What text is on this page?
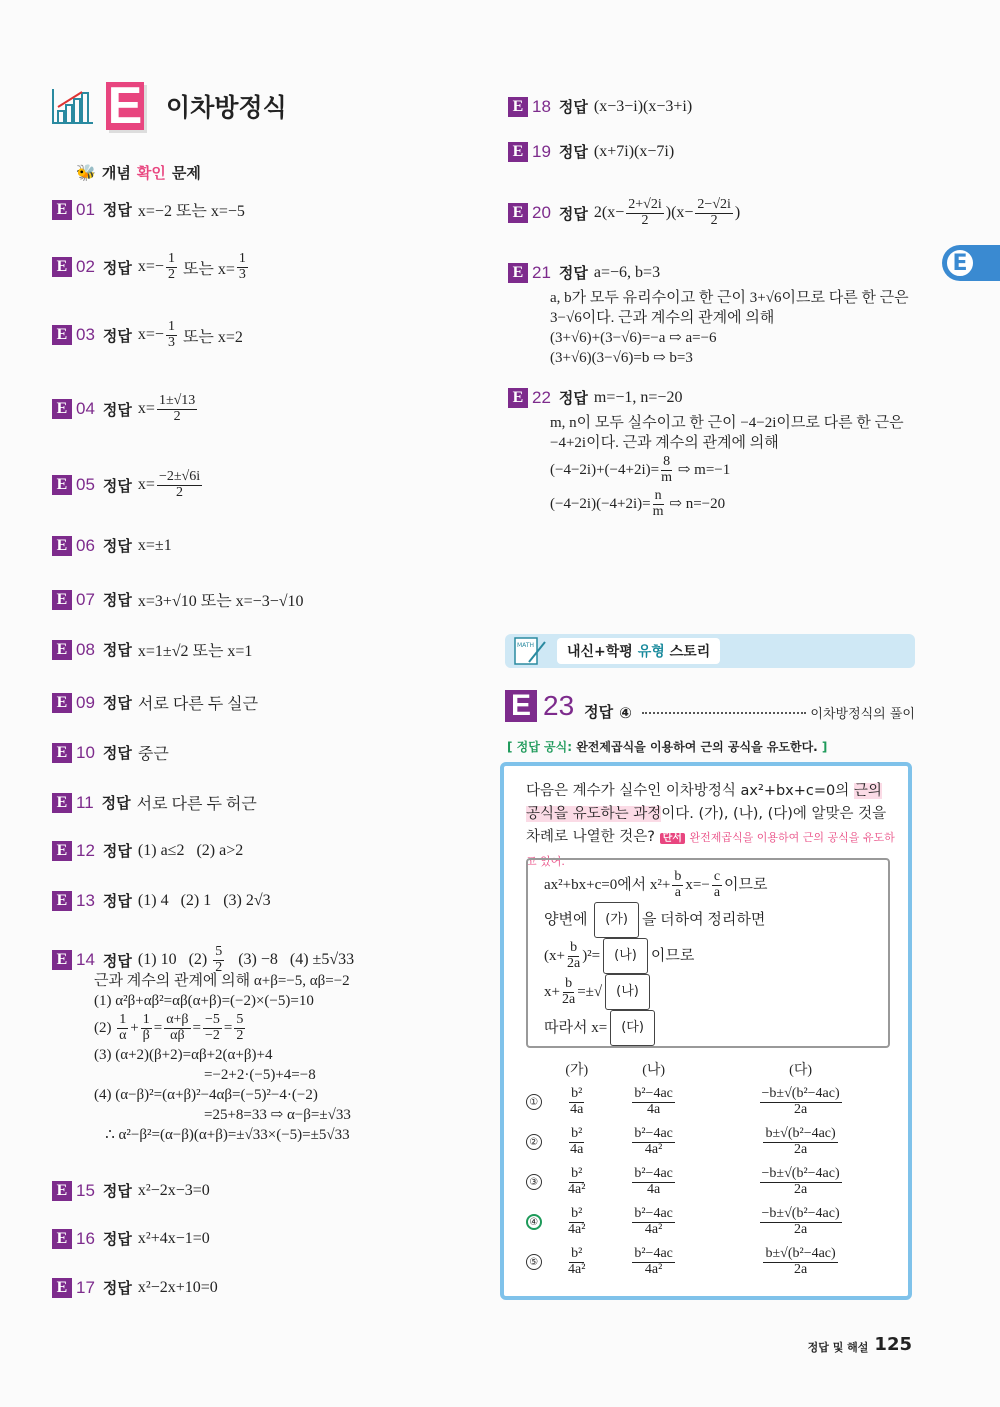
E 이차방정식
🐝 개념 확인 문제
E
MATH	내신+학평 유형 스토리
E 23 정답 ④	이차방정식의 풀이
[ 정답 공식: 완전제곱식을 이용하여 근의 공식을 유도한다. ]
다음은 계수가 실수인 이차방정식 ax²+bx+c=0의 근의 공식을 유도하는 과정이다. (가), (나), (다)에 알맞은 것을 차례로 나열한 것은? 단서 완전제곱식을 이용하여 근의 공식을 유도하고 있어.
ax²+bx+c=0에서 $x^2+ \frac{b}{a} x=- \frac{c}{a}$ 이므로
양변에	(가) 을 더하여 정리하면
$(x+ \frac{b}{2a} )^2=$	(나) 이므로
$x+ \frac{b}{2a}$ =±√	(나)
따라서 x=	(다)
	(가)	(나)	(다)
①	$\frac{\text{b²}}{4a}$	$\frac{\text{b²−4ac}}{4a}$	$\frac{\text{−b±√(b²−4ac)}}{2a}$

②	$\frac{\text{b²}}{4a}$	$\frac{\text{b²−4ac}}{\text{4a²}}$	$\frac{\text{b±√(b²−4ac)}}{2a}$

③	$\frac{\text{b²}}{\text{4a²}}$	$\frac{\text{b²−4ac}}{4a}$	$\frac{\text{−b±√(b²−4ac)}}{2a}$

④	$\frac{\text{b²}}{\text{4a²}}$	$\frac{\text{b²−4ac}}{\text{4a²}}$	$\frac{\text{−b±√(b²−4ac)}}{2a}$

⑤	$\frac{\text{b²}}{\text{4a²}}$	$\frac{\text{b²−4ac}}{\text{4a²}}$	$\frac{\text{b±√(b²−4ac)}}{2a}$
정답 및 해설 125
E 01 정답 x=−2 또는 x=−5
E 02 정답 $x=- \frac{1}{2}$ 또는 $x= \frac{1}{3}$
E 03 정답 $x=- \frac{1}{3}$ 또는 x=2
E 04 정답 $x= \frac{1\pm√13}{2}$
E 05 정답 $x= \frac{-2\pm√6i}{2}$
E 06 정답 x=±1
E 07 정답 x=3+√10 또는 x=−3−√10
E 08 정답 x=1±√2 또는 x=1
E 09 정답 서로 다른 두 실근
E 10 정답 중근
E 11 정답 서로 다른 두 허근
E 12 정답 (1) a≤2   (2) a>2
E 13 정답 (1) 4   (2) 1   (3) 2√3
E 14 정답 (1) 10   $(2) \frac{5}{2} (3) -8$   (4) ±5√33
근과 계수의 관계에 의해 α+β=−5, αβ=−2
(1) α²β+αβ²=αβ(α+β)=(−2)×(−5)=10
$(2) \frac{1}{\alpha} + \frac{1}{\beta} = \frac{\alpha+\beta}{\alpha\beta} = \frac{-5}{-2} = \frac{5}{2}$
(3) (α+2)(β+2)=αβ+2(α+β)+4
=−2+2·(−5)+4=−8
(4) (α−β)²=(α+β)²−4αβ=(−5)²−4·(−2)
=25+8=33 ⇨ α−β=±√33
∴ α²−β²=(α−β)(α+β)=±√33×(−5)=±5√33
E 15 정답 x²−2x−3=0
E 16 정답 x²+4x−1=0
E 17 정답 x²−2x+10=0
E 18 정답 (x−3−i)(x−3+i)
E 19 정답 (x+7i)(x−7i)
E 20 정답 $2(x- \frac{2+√2i}{2} )(x- \frac{2-√2i}{2}$ )
E 21 정답 a=−6, b=3
a, b가 모두 유리수이고 한 근이 3+√6이므로 다른 한 근은
3−√6이다. 근과 계수의 관계에 의해
(3+√6)+(3−√6)=−a ⇨ a=−6
(3+√6)(3−√6)=b ⇨ b=3
E 22 정답 m=−1, n=−20
m, n이 모두 실수이고 한 근이 −4−2i이므로 다른 한 근은
−4+2i이다. 근과 계수의 관계에 의해
$(-4-2i)+(-4+2i)= \frac{8}{m}$ ⇨ m=−1
$(-4-2i)(-4+2i)= \frac{n}{m}$ ⇨ n=−20
